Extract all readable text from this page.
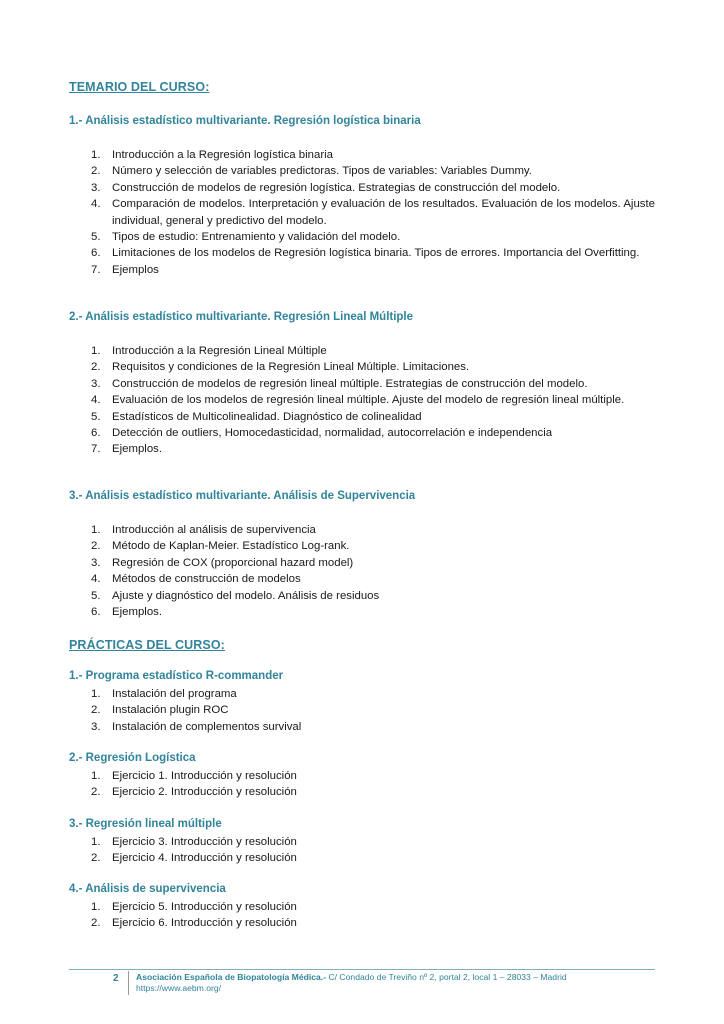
TEMARIO DEL CURSO:
1.- Análisis estadístico multivariante. Regresión logística binaria
1. Introducción a la Regresión logística binaria
2. Número y selección de variables predictoras. Tipos de variables: Variables Dummy.
3. Construcción de modelos de regresión logística. Estrategias de construcción del modelo.
4. Comparación de modelos. Interpretación y evaluación de los resultados. Evaluación de los modelos. Ajuste individual, general y predictivo del modelo.
5. Tipos de estudio: Entrenamiento y validación del modelo.
6. Limitaciones de los modelos de Regresión logística binaria. Tipos de errores. Importancia del Overfitting.
7. Ejemplos
2.- Análisis estadístico multivariante. Regresión Lineal Múltiple
1. Introducción a la Regresión Lineal Múltiple
2. Requisitos y condiciones de la Regresión Lineal Múltiple. Limitaciones.
3. Construcción de modelos de regresión lineal múltiple. Estrategias de construcción del modelo.
4. Evaluación de los modelos de regresión lineal múltiple. Ajuste del modelo de regresión lineal múltiple.
5. Estadísticos de Multicolinealidad. Diagnóstico de colinealidad
6. Detección de outliers, Homocedasticidad, normalidad, autocorrelación e independencia
7. Ejemplos.
3.- Análisis estadístico multivariante. Análisis de Supervivencia
1. Introducción al análisis de supervivencia
2. Método de Kaplan-Meier. Estadístico Log-rank.
3. Regresión de COX (proporcional hazard model)
4. Métodos de construcción de modelos
5. Ajuste y diagnóstico del modelo. Análisis de residuos
6. Ejemplos.
PRÁCTICAS DEL CURSO:
1.- Programa estadístico R-commander
1. Instalación del programa
2. Instalación plugin ROC
3. Instalación de complementos survival
2.- Regresión Logística
1. Ejercicio 1. Introducción y resolución
2. Ejercicio 2. Introducción y resolución
3.- Regresión lineal múltiple
1. Ejercicio 3. Introducción y resolución
2. Ejercicio 4. Introducción y resolución
4.- Análisis de supervivencia
1. Ejercicio 5. Introducción y resolución
2. Ejercicio 6. Introducción y resolución
2 Asociación Española de Biopatología Médica.- C/ Condado de Treviño nº 2, portal 2, local 1 – 28033 – Madrid
https://www.aebm.org/
